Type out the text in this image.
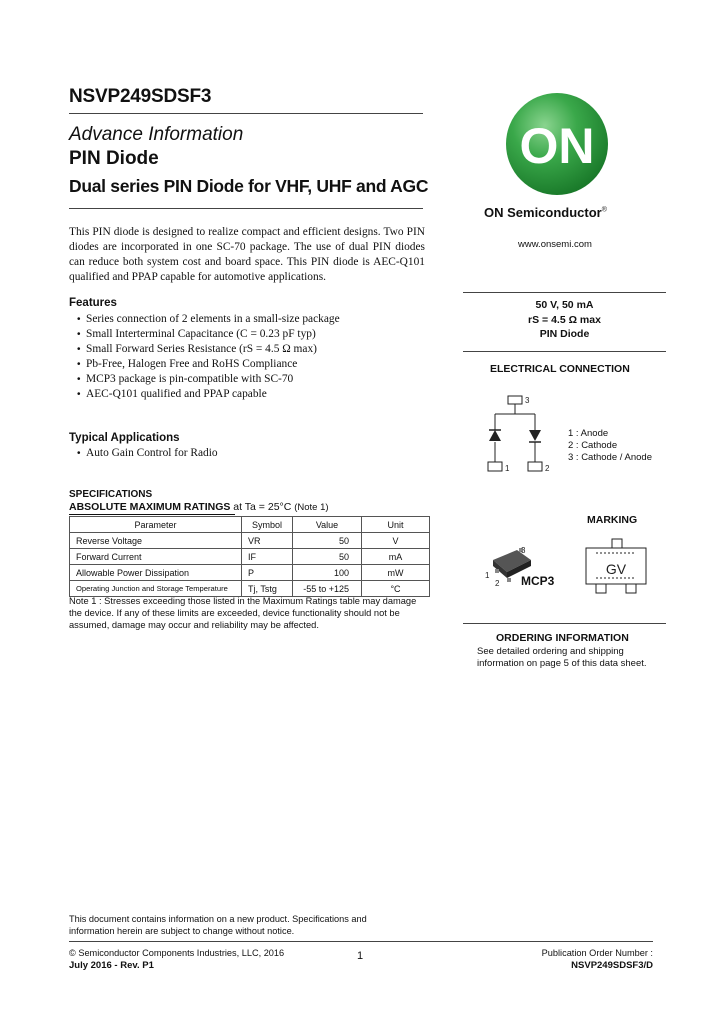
NSVP249SDSF3
Advance Information
PIN Diode
Dual series PIN Diode for VHF, UHF and AGC

This PIN diode is designed to realize compact and efficient designs. Two PIN diodes are incorporated in one SC-70 package. The use of dual PIN diodes can reduce both system cost and board space. This PIN diode is AEC-Q101 qualified and PPAP capable for automotive applications.

Features
• Series connection of 2 elements in a small-size package
• Small Interterminal Capacitance (C = 0.23 pF typ)
• Small Forward Series Resistance (rS = 4.5 Ω max)
• Pb-Free, Halogen Free and RoHS Compliance
• MCP3 package is pin-compatible with SC-70
• AEC-Q101 qualified and PPAP capable
Typical Applications
• Auto Gain Control for Radio
SPECIFICATIONS
ABSOLUTE MAXIMUM RATINGS at Ta = 25°C (Note 1)
Parameter	Symbol	Value	Unit
Reverse Voltage	VR	50	V
Forward Current	IF	50	mA
Allowable Power Dissipation	P	100	mW
Operating Junction and Storage Temperature	Tj, Tstg	-55 to +125	°C
Note 1 : Stresses exceeding those listed in the Maximum Ratings table may damage the device. If any of these limits are exceeded, device functionality should not be assumed, damage may occur and reliability may be affected.
ON
ON Semiconductor®
www.onsemi.com
50 V, 50 mA
rS = 4.5 Ω max
PIN Diode
ELECTRICAL CONNECTION
3
1	2
1 : Anode
2 : Cathode
3 : Cathode / Anode
MARKING
3
1
2 MCP3
GV
ORDERING INFORMATION
See detailed ordering and shipping information on page 5 of this data sheet.
This document contains information on a new product. Specifications and information herein are subject to change without notice.
© Semiconductor Components Industries, LLC, 2016
July 2016 - Rev. P1
1	Publication Order Number :
NSVP249SDSF3/D
